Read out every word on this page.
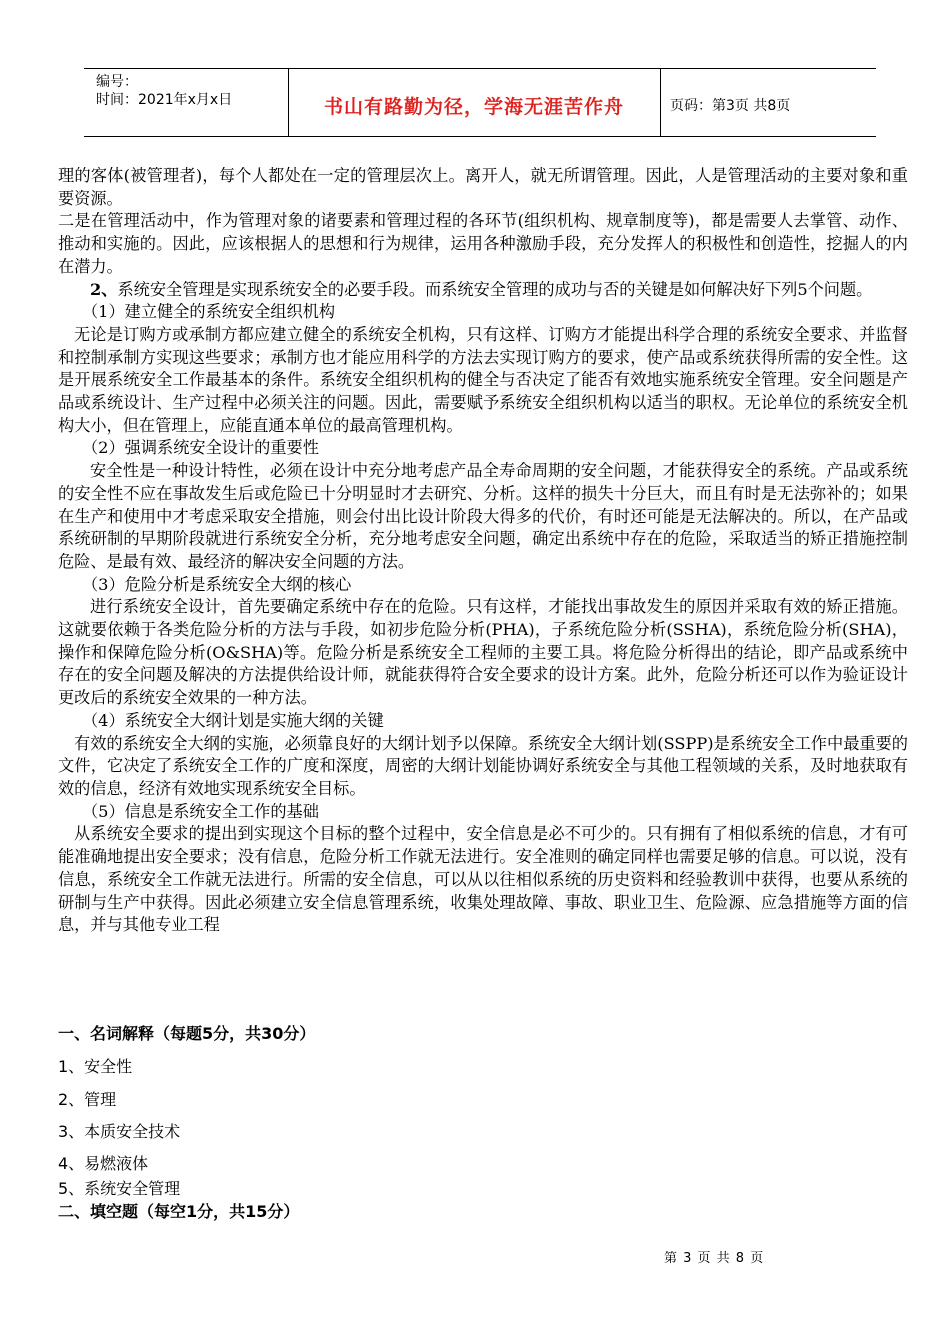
编号：
时间：2021年x月x日	书山有路勤为径，学海无涯苦作舟	页码：第3页 共8页

理的客体(被管理者)，每个人都处在一定的管理层次上。离开人，就无所谓管理。因此，人是管理活动的主要对象和重要资源。

二是在管理活动中，作为管理对象的诸要素和管理过程的各环节(组织机构、规章制度等)，都是需要人去掌管、动作、推动和实施的。因此，应该根据人的思想和行为规律，运用各种激励手段，充分发挥人的积极性和创造性，挖掘人的内在潜力。

2、系统安全管理是实现系统安全的必要手段。而系统安全管理的成功与否的关键是如何解决好下列5个问题。

（1）建立健全的系统安全组织机构

无论是订购方或承制方都应建立健全的系统安全机构，只有这样、订购方才能提出科学合理的系统安全要求、并监督和控制承制方实现这些要求；承制方也才能应用科学的方法去实现订购方的要求，使产品或系统获得所需的安全性。这是开展系统安全工作最基本的条件。系统安全组织机构的健全与否决定了能否有效地实施系统安全管理。安全问题是产品或系统设计、生产过程中必须关注的问题。因此，需要赋予系统安全组织机构以适当的职权。无论单位的系统安全机构大小，但在管理上，应能直通本单位的最高管理机构。

（2）强调系统安全设计的重要性

安全性是一种设计特性，必须在设计中充分地考虑产品全寿命周期的安全问题，才能获得安全的系统。产品或系统的安全性不应在事故发生后或危险已十分明显时才去研究、分析。这样的损失十分巨大，而且有时是无法弥补的；如果在生产和使用中才考虑采取安全措施，则会付出比设计阶段大得多的代价，有时还可能是无法解决的。所以，在产品或系统研制的早期阶段就进行系统安全分析，充分地考虑安全问题，确定出系统中存在的危险，采取适当的矫正措施控制危险、是最有效、最经济的解决安全问题的方法。

（3）危险分析是系统安全大纲的核心

进行系统安全设计，首先要确定系统中存在的危险。只有这样，才能找出事故发生的原因并采取有效的矫正措施。这就要依赖于各类危险分析的方法与手段，如初步危险分析(PHA)，子系统危险分析(SSHA)，系统危险分析(SHA)，操作和保障危险分析(O&SHA)等。危险分析是系统安全工程师的主要工具。将危险分析得出的结论，即产品或系统中存在的安全问题及解决的方法提供给设计师，就能获得符合安全要求的设计方案。此外，危险分析还可以作为验证设计更改后的系统安全效果的一种方法。

（4）系统安全大纲计划是实施大纲的关键

有效的系统安全大纲的实施，必须靠良好的大纲计划予以保障。系统安全大纲计划(SSPP)是系统安全工作中最重要的文件，它决定了系统安全工作的广度和深度，周密的大纲计划能协调好系统安全与其他工程领域的关系，及时地获取有效的信息，经济有效地实现系统安全目标。

（5）信息是系统安全工作的基础

从系统安全要求的提出到实现这个目标的整个过程中，安全信息是必不可少的。只有拥有了相似系统的信息，才有可能准确地提出安全要求；没有信息，危险分析工作就无法进行。安全准则的确定同样也需要足够的信息。可以说，没有信息，系统安全工作就无法进行。所需的安全信息，可以从以往相似系统的历史资料和经验教训中获得，也要从系统的研制与生产中获得。因此必须建立安全信息管理系统，收集处理故障、事故、职业卫生、危险源、应急措施等方面的信息，并与其他专业工程

一、名词解释（每题5分，共30分）
1、安全性
2、管理
3、本质安全技术
4、易燃液体
5、系统安全管理
二、填空题（每空1分，共15分）
第 3 页 共 8 页
